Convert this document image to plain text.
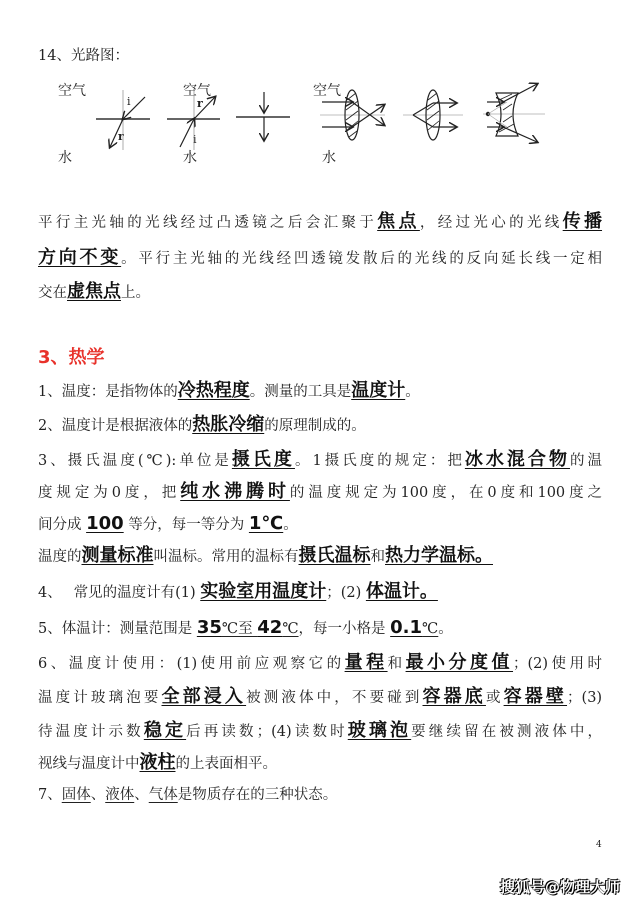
14、光路图：
空气	空气	空气
水	水	水
i
r
r
i
平行主光轴的光线经过凸透镜之后会汇聚于焦点，经过光心的光线传播
方向不变。平行主光轴的光线经凹透镜发散后的光线的反向延长线一定相
交在虚焦点上。
3、热学
1、温度：是指物体的冷热程度。测量的工具是温度计。
2、温度计是根据液体的热胀冷缩的原理制成的。
3、摄氏温度(℃):单位是摄氏度。1摄氏度的规定：把冰水混合物的温
度规定为0度，把纯水沸腾时的温度规定为100度，在0度和100度之
间分成 100 等分，每一等分为 1℃。
温度的测量标准叫温标。常用的温标有摄氏温标和热力学温标。
4、　 常见的温度计有(1) 实验室用温度计；(2) 体温计。
5、体温计：测量范围是 35℃至 42℃，每一小格是 0.1℃。
6、温度计使用：(1)使用前应观察它的量程和最小分度值；(2)使用时
温度计玻璃泡要全部浸入被测液体中，不要碰到容器底或容器壁；(3)
待温度计示数稳定后再读数；(4)读数时玻璃泡要继续留在被测液体中，
视线与温度计中液柱的上表面相平。
7、固体、液体、气体是物质存在的三种状态。
4
搜狐号@物理大师
